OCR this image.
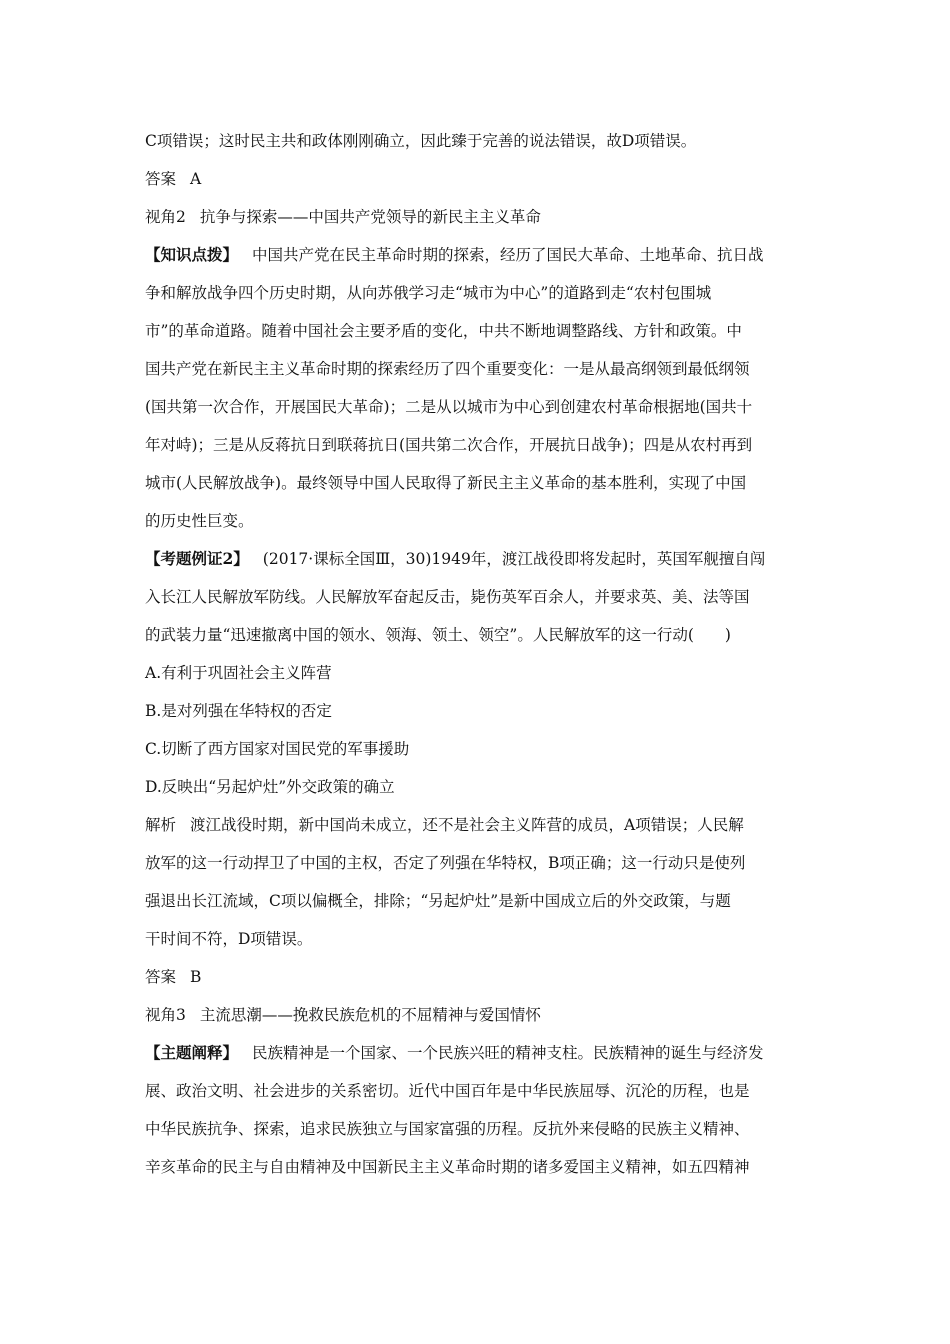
C项错误；这时民主共和政体刚刚确立，因此臻于完善的说法错误，故D项错误。
答案 A
视角2 抗争与探索——中国共产党领导的新民主主义革命
【知识点拨】 中国共产党在民主革命时期的探索，经历了国民大革命、土地革命、抗日战
争和解放战争四个历史时期，从向苏俄学习走“城市为中心”的道路到走“农村包围城
市”的革命道路。随着中国社会主要矛盾的变化，中共不断地调整路线、方针和政策。中
国共产党在新民主主义革命时期的探索经历了四个重要变化：一是从最高纲领到最低纲领
(国共第一次合作，开展国民大革命)；二是从以城市为中心到创建农村革命根据地(国共十
年对峙)；三是从反蒋抗日到联蒋抗日(国共第二次合作，开展抗日战争)；四是从农村再到
城市(人民解放战争)。最终领导中国人民取得了新民主主义革命的基本胜利，实现了中国
的历史性巨变。
【考题例证2】 (2017·课标全国Ⅲ，30)1949年，渡江战役即将发起时，英国军舰擅自闯
入长江人民解放军防线。人民解放军奋起反击，毙伤英军百余人，并要求英、美、法等国
的武装力量“迅速撤离中国的领水、领海、领土、领空”。人民解放军的这一行动(　　)
A.有利于巩固社会主义阵营
B.是对列强在华特权的否定
C.切断了西方国家对国民党的军事援助
D.反映出“另起炉灶”外交政策的确立
解析 渡江战役时期，新中国尚未成立，还不是社会主义阵营的成员，A项错误；人民解
放军的这一行动捍卫了中国的主权，否定了列强在华特权，B项正确；这一行动只是使列
强退出长江流域，C项以偏概全，排除；“另起炉灶”是新中国成立后的外交政策，与题
干时间不符，D项错误。
答案 B
视角3 主流思潮——挽救民族危机的不屈精神与爱国情怀
【主题阐释】 民族精神是一个国家、一个民族兴旺的精神支柱。民族精神的诞生与经济发
展、政治文明、社会进步的关系密切。近代中国百年是中华民族屈辱、沉沦的历程，也是
中华民族抗争、探索，追求民族独立与国家富强的历程。反抗外来侵略的民族主义精神、
辛亥革命的民主与自由精神及中国新民主主义革命时期的诸多爱国主义精神，如五四精神
